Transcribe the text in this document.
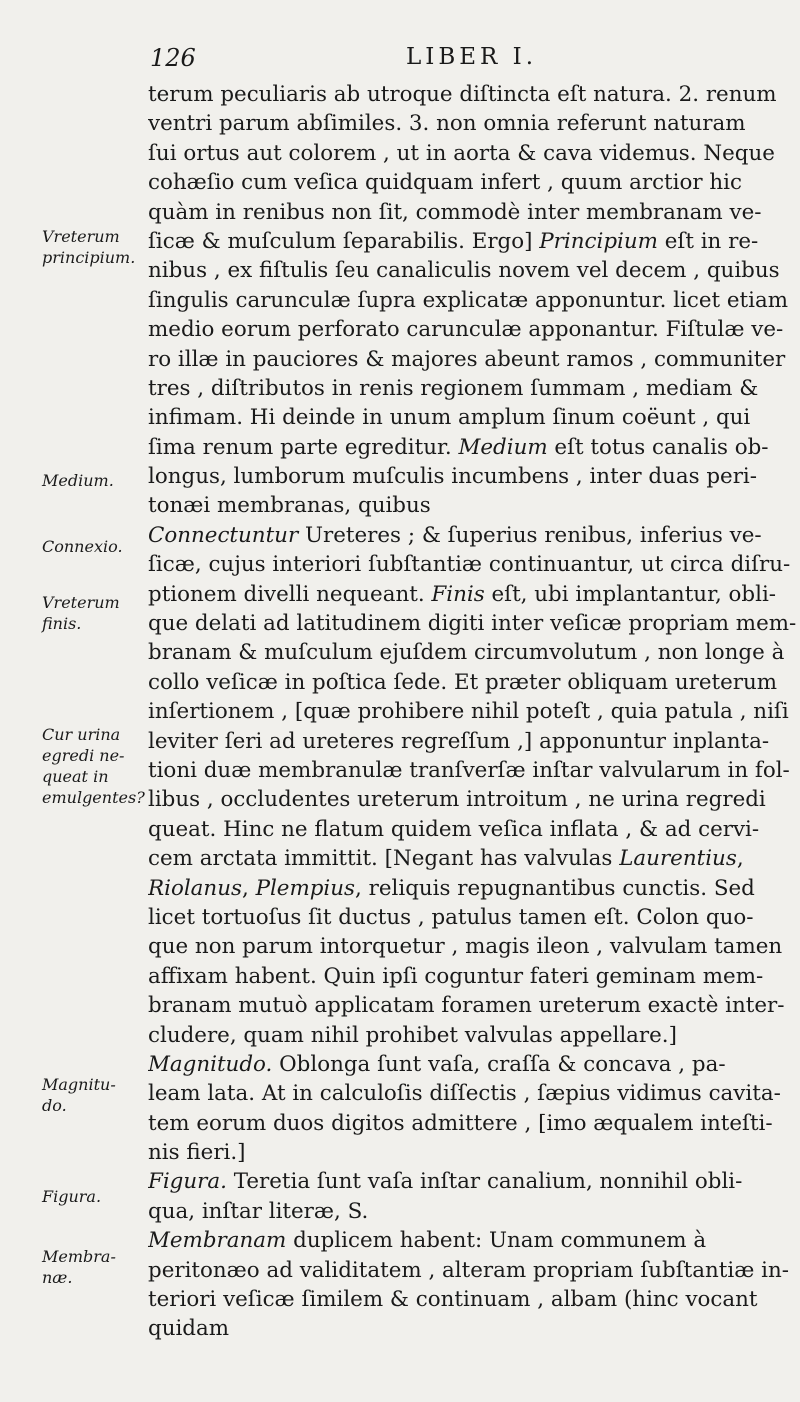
126	LIBER I.
Vreterum
principium.
Medium.
Connexio.
Vreterum
finis.
Cur urina
egredi ne-
queat in
emulgentes?
Magnitu-
do.
Figura.
Membra-
næ.
terum peculiaris ab utroque diſtincta eſt natura. 2. renum
ventri parum abſimiles. 3. non omnia referunt naturam
ſui ortus aut colorem , ut in aorta & cava videmus. Neque
cohæſio cum veſica quidquam infert , quum arctior hic
quàm in renibus non ſit, commodè inter membranam ve-
ſicæ & muſculum ſeparabilis. Ergo] Principium eſt in re-
nibus , ex fiſtulis ſeu canaliculis novem vel decem , quibus
ſingulis carunculæ ſupra explicatæ apponuntur. licet etiam
medio eorum perforato carunculæ apponantur. Fiſtulæ ve-
ro illæ in pauciores & majores abeunt ramos , communiter
tres , diſtributos in renis regionem ſummam , mediam &
infimam. Hi deinde in unum amplum ſinum coëunt , qui
ſima renum parte egreditur. Medium eſt totus canalis ob-
longus, lumborum muſculis incumbens , inter duas peri-
tonæi membranas, quibus
Connectuntur Ureteres ; & ſuperius renibus, inferius ve-
ſicæ, cujus interiori ſubſtantiæ continuantur, ut circa diſru-
ptionem divelli nequeant. Finis eſt, ubi implantantur, obli-
que delati ad latitudinem digiti inter veſicæ propriam mem-
branam & muſculum ejuſdem circumvolutum , non longe à
collo veſicæ in poſtica ſede. Et præter obliquam ureterum
inſertionem , [quæ prohibere nihil poteſt , quia patula , niſi
leviter ſeri ad ureteres regreſſum ,] apponuntur inplanta-
tioni duæ membranulæ tranſverſæ inſtar valvularum in fol-
libus , occludentes ureterum introitum , ne urina regredi
queat. Hinc ne flatum quidem veſica inflata , & ad cervi-
cem arctata immittit. [Negant has valvulas Laurentius,
Riolanus, Plempius, reliquis repugnantibus cunctis. Sed
licet tortuoſus ſit ductus , patulus tamen eſt. Colon quo-
que non parum intorquetur , magis ileon , valvulam tamen
affixam habent. Quin ipſi coguntur fateri geminam mem-
branam mutuò applicatam foramen ureterum exactè inter-
cludere, quam nihil prohibet valvulas appellare.]
Magnitudo. Oblonga ſunt vaſa, craſſa & concava , pa-
leam lata. At in calculoſis diſſectis , ſæpius vidimus cavita-
tem eorum duos digitos admittere , [imo æqualem inteſti-
nis fieri.]
Figura. Teretia ſunt vaſa inſtar canalium, nonnihil obli-
qua, inſtar literæ, S.
Membranam duplicem habent: Unam communem à
peritonæo ad validitatem , alteram propriam ſubſtantiæ in-
teriori veſicæ ſimilem & continuam , albam (hinc vocant
quidam
